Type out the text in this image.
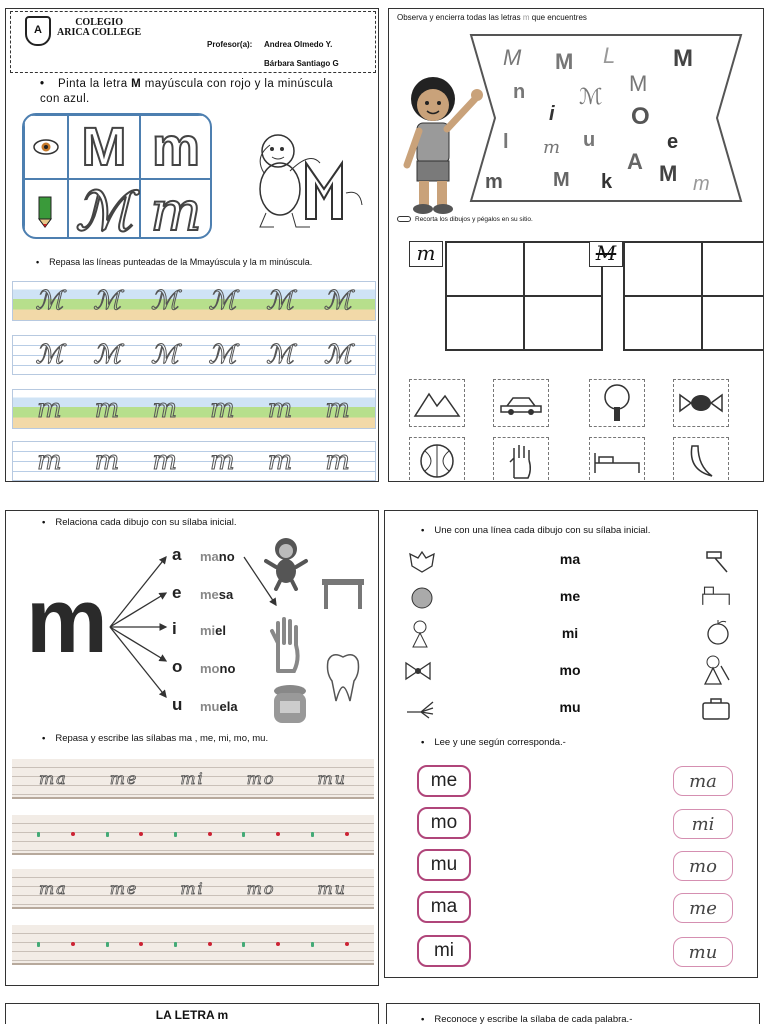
A
COLEGIO
ARICA COLLEGE
Profesor(a): Andrea Olmedo Y.
Bárbara Santiago G
• Pinta la letra M mayúscula con rojo y la minúscula con azul.
M m
ℳ m
• Repasa las líneas punteadas de la Mmayúscula y la m minúscula.
ℳ ℳ ℳ ℳ ℳ ℳ
ℳ ℳ ℳ ℳ ℳ ℳ
m m m m m m
m m m m m m
Observa y encierra todas las letras m que encuentres
M M L
M
M
n ℳ
i	O
u	e
m
l
A
m	M k M m
Recorta los dibujos y pégalos en su sitio.
m	M
• Relaciona cada dibujo con su sílaba inicial.
m
a
e
i
o
u
mano
mesa
miel
mono
muela
• Repasa y escribe las sílabas ma , me, mi, mo, mu.
ma	me	mi	mo	mu
ma	me	mi	mo	mu
• Une con una línea cada dibujo con su sílaba inicial.
ma
me
mi
mo
mu
• Lee y une según corresponda.-
me
mo
mu
ma
mi
ma
mi
mo
me
mu
LA LETRA m
•	Reconoce y escribe la sílaba de cada palabra.-
